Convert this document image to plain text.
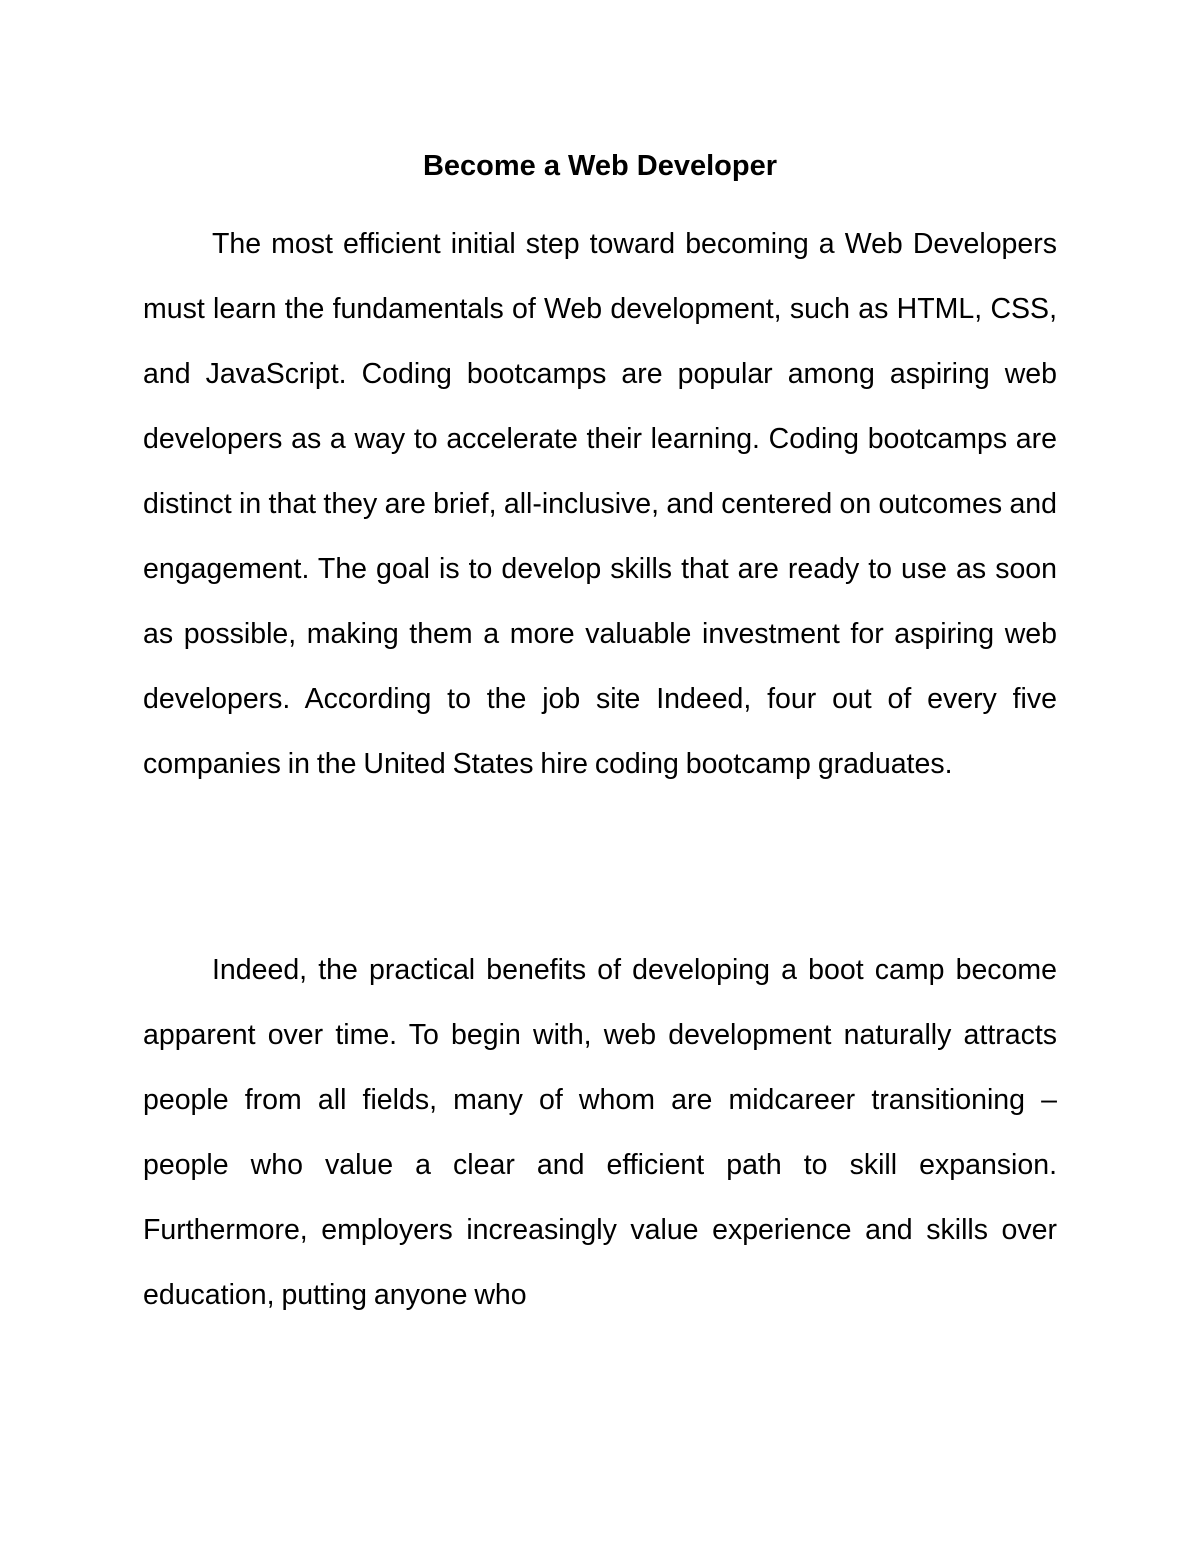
Become a Web Developer

The most efficient initial step toward becoming a Web Developers must learn the fundamentals of Web development, such as HTML, CSS, and JavaScript. Coding bootcamps are popular among aspiring web developers as a way to accelerate their learning. Coding bootcamps are distinct in that they are brief, all-inclusive, and centered on outcomes and engagement. The goal is to develop skills that are ready to use as soon as possible, making them a more valuable investment for aspiring web developers. According to the job site Indeed, four out of every five companies in the United States hire coding bootcamp graduates.

Indeed, the practical benefits of developing a boot camp become apparent over time. To begin with, web development naturally attracts people from all fields, many of whom are midcareer transitioning – people who value a clear and efficient path to skill expansion. Furthermore, employers increasingly value experience and skills over education, putting anyone who
